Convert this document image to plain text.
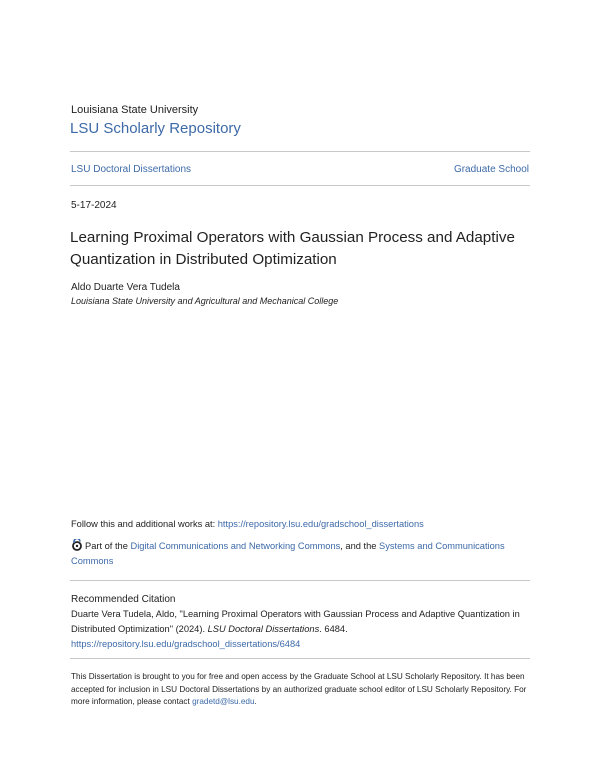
Louisiana State University
LSU Scholarly Repository
LSU Doctoral Dissertations	Graduate School
5-17-2024
Learning Proximal Operators with Gaussian Process and Adaptive
Quantization in Distributed Optimization
Aldo Duarte Vera Tudela
Louisiana State University and Agricultural and Mechanical College
Follow this and additional works at: https://repository.lsu.edu/gradschool_dissertations
Part of the Digital Communications and Networking Commons, and the Systems and Communications Commons
Recommended Citation
Duarte Vera Tudela, Aldo, "Learning Proximal Operators with Gaussian Process and Adaptive Quantization in Distributed Optimization" (2024). LSU Doctoral Dissertations. 6484.
https://repository.lsu.edu/gradschool_dissertations/6484
This Dissertation is brought to you for free and open access by the Graduate School at LSU Scholarly Repository. It has been accepted for inclusion in LSU Doctoral Dissertations by an authorized graduate school editor of LSU Scholarly Repository. For more information, please contact gradetd@lsu.edu.
